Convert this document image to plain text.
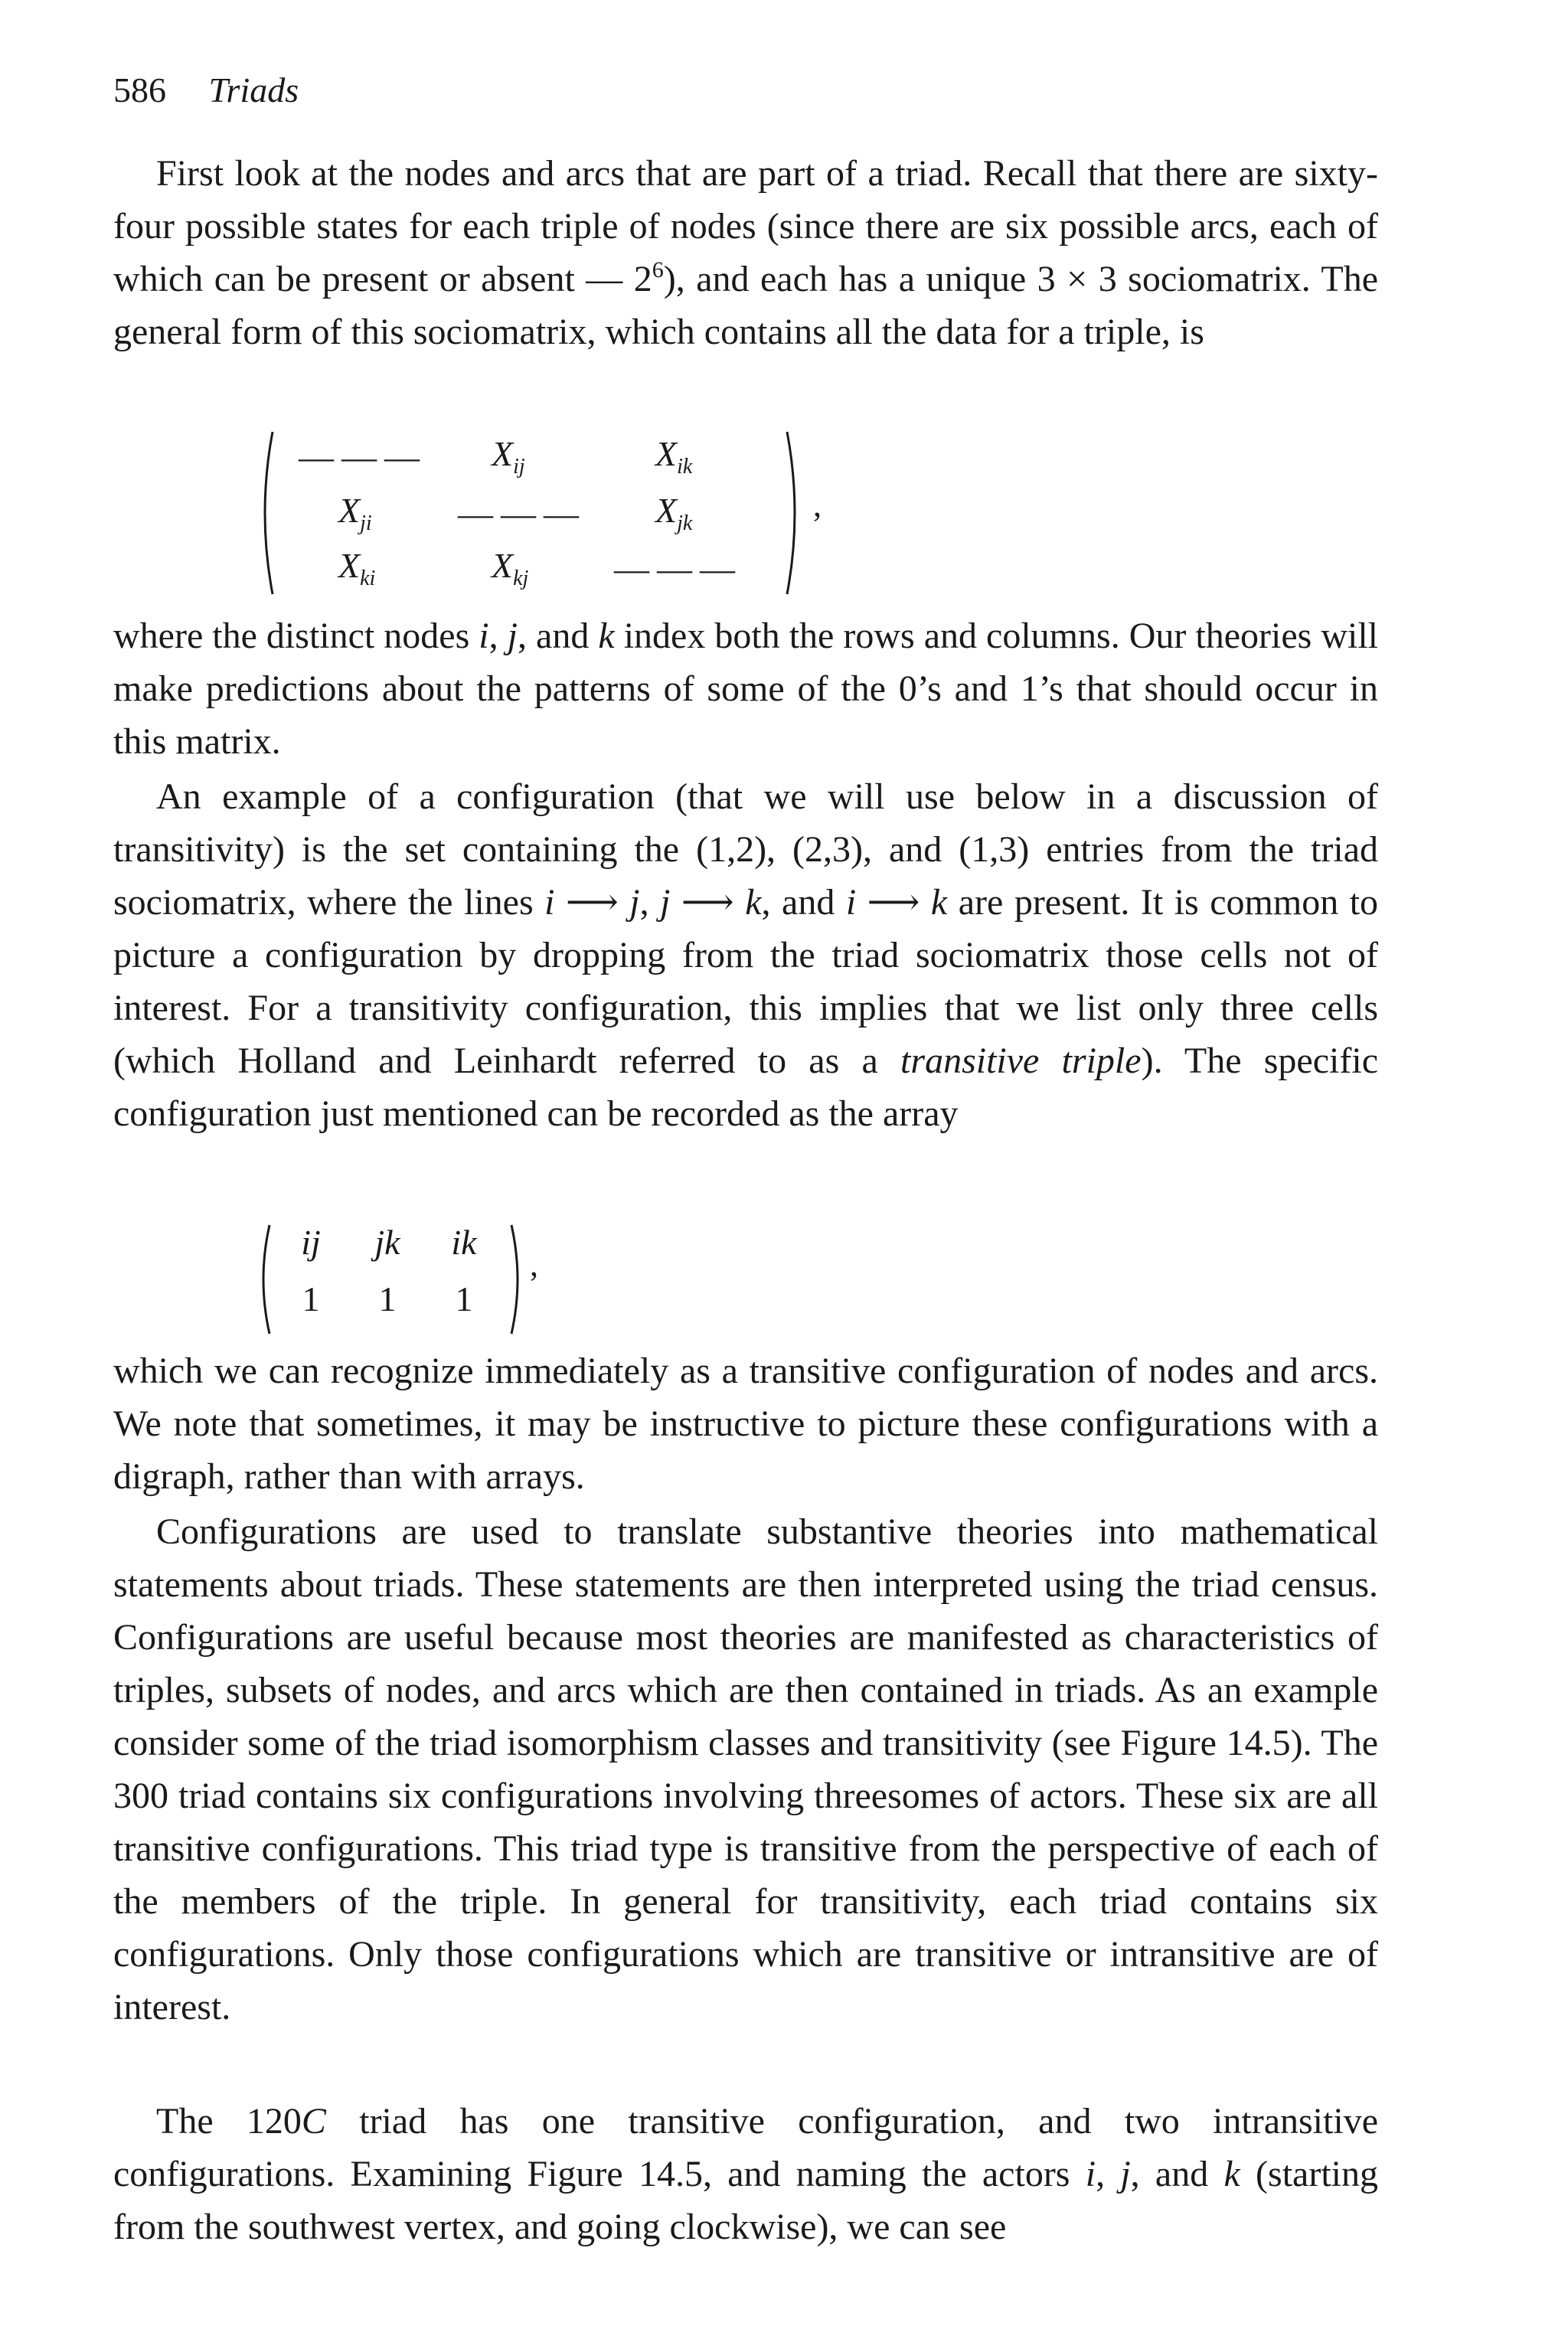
586 Triads

First look at the nodes and arcs that are part of a triad. Recall that there are sixty-four possible states for each triple of nodes (since there are six possible arcs, each of which can be present or absent — $2^6$), and each has a unique 3 × 3 sociomatrix. The general form of this sociomatrix, which contains all the data for a triple, is

——— $X_{ij}$	$X_{ik}$
$X_{ji}$ ——— $X_{jk}$
$X_{ki}$	$X_{kj}$ ———
,

where the distinct nodes i, j, and k index both the rows and columns. Our theories will make predictions about the patterns of some of the 0’s and 1’s that should occur in this matrix.

An example of a configuration (that we will use below in a discussion of transitivity) is the set containing the (1,2), (2,3), and (1,3) entries from the triad sociomatrix, where the lines i ⟶ j, j ⟶ k, and i ⟶ k are present. It is common to picture a configuration by dropping from the triad sociomatrix those cells not of interest. For a transitivity configuration, this implies that we list only three cells (which Holland and Leinhardt referred to as a transitive triple). The specific configuration just mentioned can be recorded as the array

ij	jk	ik
1	1	1
,

which we can recognize immediately as a transitive configuration of nodes and arcs. We note that sometimes, it may be instructive to picture these configurations with a digraph, rather than with arrays.

Configurations are used to translate substantive theories into mathematical statements about triads. These statements are then interpreted using the triad census. Configurations are useful because most theories are manifested as characteristics of triples, subsets of nodes, and arcs which are then contained in triads. As an example consider some of the triad isomorphism classes and transitivity (see Figure 14.5). The 300 triad contains six configurations involving threesomes of actors. These six are all transitive configurations. This triad type is transitive from the perspective of each of the members of the triple. In general for transitivity, each triad contains six configurations. Only those configurations which are transitive or intransitive are of interest.

The 120C triad has one transitive configuration, and two intransitive configurations. Examining Figure 14.5, and naming the actors i, j, and k (starting from the southwest vertex, and going clockwise), we can see
